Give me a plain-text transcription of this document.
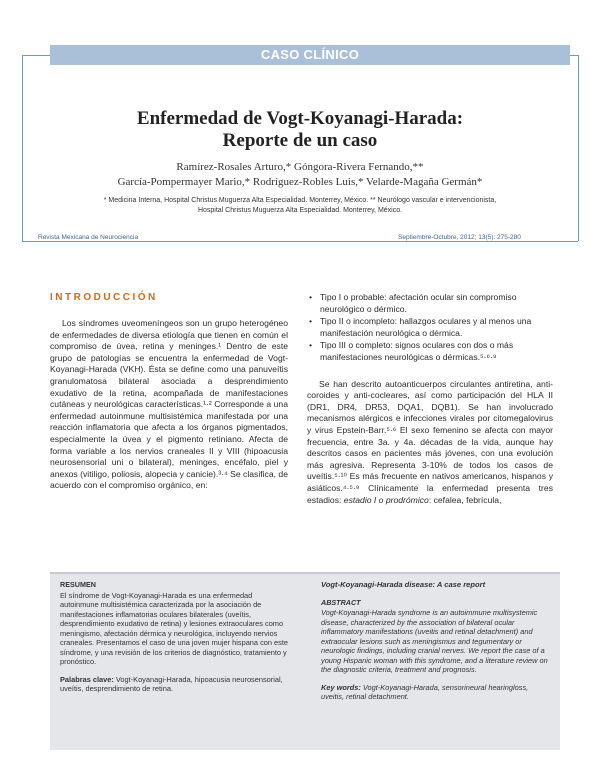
CASO CLÍNICO
Enfermedad de Vogt-Koyanagi-Harada:
Reporte de un caso
Ramírez-Rosales Arturo,* Góngora-Rivera Fernando,**
García-Pompermayer Mario,* Rodríguez-Robles Luis,* Velarde-Magaña Germán*
* Medicina Interna, Hospital Christus Muguerza Alta Especialidad. Monterrey, México. ** Neurólogo vascular e intervencionista,
Hospital Christus Muguerza Alta Especialidad. Monterrey, México.
Revista Mexicana de Neurociencia	Septiembre-Octubre, 2012; 13(5): 275-280
INTRODUCCIÓN

Los síndromes uveomeníngeos son un grupo heterogéneo de enfermedades de diversa etiología que tienen en común el compromiso de úvea, retina y meninges.¹ Dentro de este grupo de patologías se encuentra la enfermedad de Vogt-Koyanagi-Harada (VKH). Ésta se define como una panuveítis granulomatosa bilateral asociada a desprendimiento exudativo de la retina, acompañada de manifestaciones cutáneas y neurológicas características.¹·² Corresponde a una enfermedad autoinmune multisistémica manifestada por una reacción inflamatoria que afecta a los órganos pigmentados, especialmente la úvea y el pigmento retiniano. Afecta de forma variable a los nervios craneales II y VIII (hipoacusia neurosensorial uni o bilateral), meninges, encéfalo, piel y anexos (vitiligo, poliosis, alopecia y canicie).³·⁴ Se clasifica, de acuerdo con el compromiso orgánico, en:

• Tipo I o probable: afectación ocular sin compromiso neurológico o dérmico.
• Tipo II o incompleto: hallazgos oculares y al menos una manifestación neurológica o dérmica.
• Tipo III o completo: signos oculares con dos o más manifestaciones neurológicas o dérmicas.⁵·⁶·⁹

Se han descrito autoanticuerpos circulantes antiretina, anti-coroides y anti-cocleares, así como participación del HLA II (DR1, DR4, DR53, DQA1, DQB1). Se han involucrado mecanismos alérgicos e infecciones virales por citomegalovirus y virus Epstein-Barr.⁵·⁶ El sexo femenino se afecta con mayor frecuencia, entre 3a. y 4a. décadas de la vida, aunque hay descritos casos en pacientes más jóvenes, con una evolución más agresiva. Representa 3-10% de todos los casos de uveítis.⁵·¹⁰ Es más frecuente en nativos americanos, hispanos y asiáticos.⁴·⁵·⁹ Clínicamente la enfermedad presenta tres estadios: estadio I o prodrómico: cefalea, febrícula,

RESUMEN
El síndrome de Vogt-Koyanagi-Harada es una enfermedad autoinmune multisistémica caracterizada por la asociación de manifestaciones inflamatorias oculares bilaterales (uveítis, desprendimiento exudativo de retina) y lesiones extraoculares como meningismo, afectación dérmica y neurológica, incluyendo nervios craneales. Presentamos el caso de una joven mujer hispana con este síndrome, y una revisión de los criterios de diagnóstico, tratamiento y pronóstico.
Palabras clave: Vogt-Koyanagi-Harada, hipoacusia neurosensorial, uveítis, desprendimiento de retina.
Vogt-Koyanagi-Harada disease: A case report
ABSTRACT
Vogt-Koyanagi-Harada syndrome is an autoimmune multisystemic disease, characterized by the association of bilateral ocular inflammatory manifestations (uveitis and retinal detachment) and extraocular lesions such as meningismus and tegumentary or neurologic findings, including cranial nerves. We report the case of a young Hispanic woman with this syndrome, and a literature review on the diagnostic criteria, treatment and prognosis.
Key words: Vogt-Koyanagi-Harada, sensorineural hearingloss, uveitis, retinal detachment.
